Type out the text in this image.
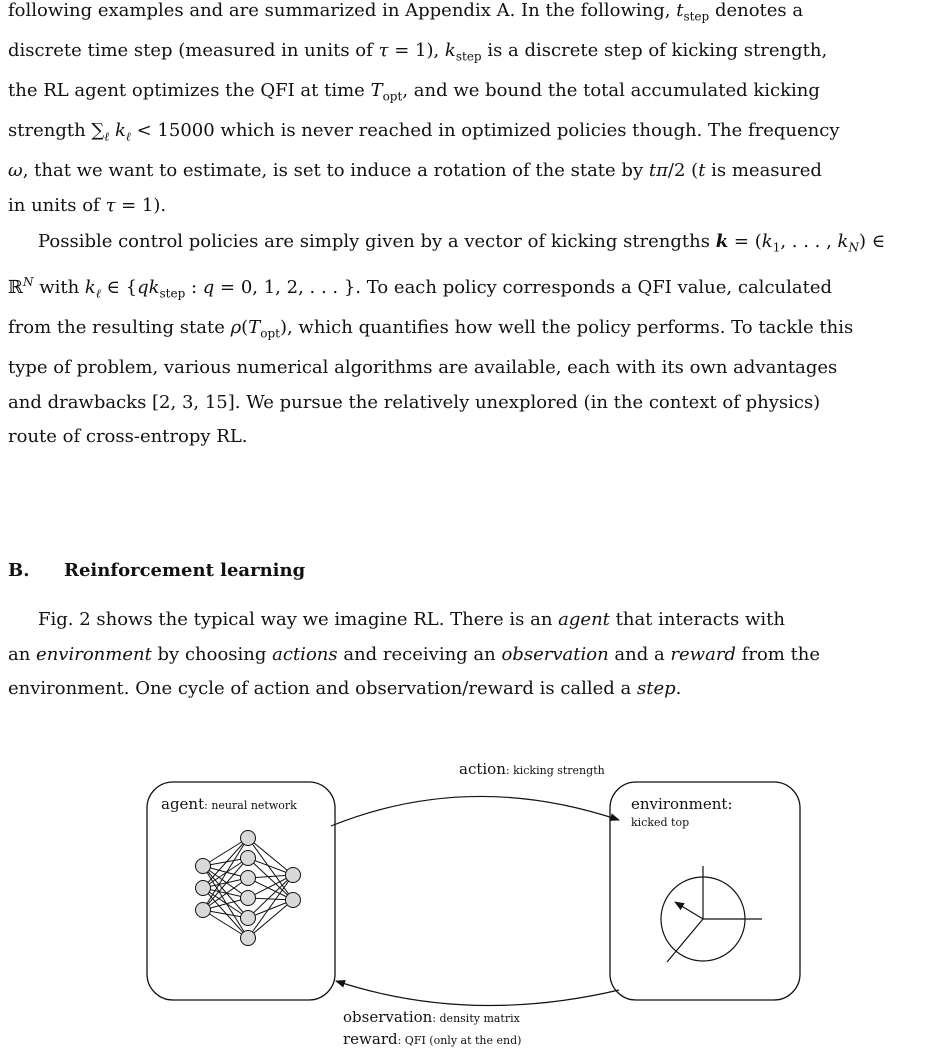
following examples and are summarized in Appendix A. In the following, $t_{step}$ denotes a
discrete time step (measured in units of τ = 1), $k_{step}$ is a discrete step of kicking strength,
the RL agent optimizes the QFI at time $T_{opt}$, and we bound the total accumulated kicking
strength $\sum_\ell$ $k_\ell < 15000$ which is never reached in optimized policies though. The frequency
ω, that we want to estimate, is set to induce a rotation of the state by tπ/2 (t is measured
in units of τ = 1).
Possible control policies are simply given by a vector of kicking strengths $k = (k_1$, . . . , $k_N$) ∈
ℝ$^N$ with $k_\ell$ ∈ {$qk_{step}$ : q = 0, 1, 2, . . . }. To each policy corresponds a QFI value, calculated
from the resulting state $\rho(T_{opt})$, which quantifies how well the policy performs. To tackle this
type of problem, various numerical algorithms are available, each with its own advantages
and drawbacks [2, 3, 15]. We pursue the relatively unexplored (in the context of physics)
route of cross-entropy RL.
B. Reinforcement learning
Fig. 2 shows the typical way we imagine RL. There is an agent that interacts with
an environment by choosing actions and receiving an observation and a reward from the
environment. One cycle of action and observation/reward is called a step.
agent: neural network	environment:
kicked top
action: kicking strength
observation: density matrix
reward: QFI (only at the end)
